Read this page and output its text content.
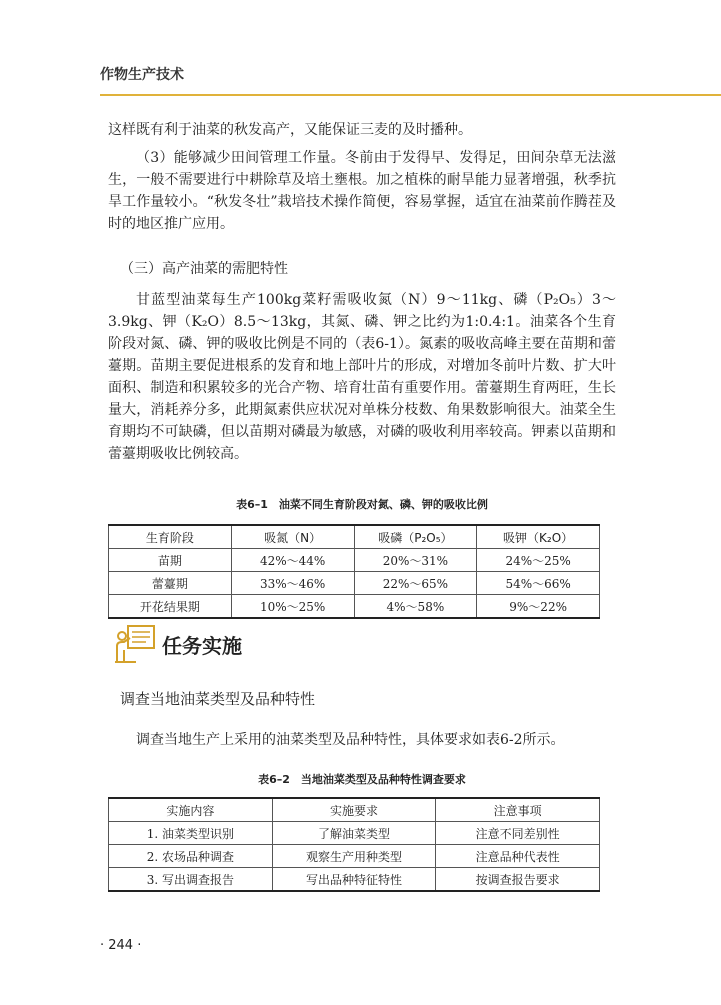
作物生产技术

这样既有利于油菜的秋发高产，又能保证三麦的及时播种。

（3）能够减少田间管理工作量。冬前由于发得早、发得足，田间杂草无法滋生，一般不需要进行中耕除草及培土壅根。加之植株的耐旱能力显著增强，秋季抗旱工作量较小。“秋发冬壮”栽培技术操作简便，容易掌握，适宜在油菜前作腾茬及时的地区推广应用。

（三）高产油菜的需肥特性

甘蓝型油菜每生产100kg菜籽需吸收氮（N）9～11kg、磷（P₂O₅）3～3.9kg、钾（K₂O）8.5～13kg，其氮、磷、钾之比约为1:0.4:1。油菜各个生育阶段对氮、磷、钾的吸收比例是不同的（表6-1）。氮素的吸收高峰主要在苗期和蕾薹期。苗期主要促进根系的发育和地上部叶片的形成，对增加冬前叶片数、扩大叶面积、制造和积累较多的光合产物、培育壮苗有重要作用。蕾薹期生育两旺，生长量大，消耗养分多，此期氮素供应状况对单株分枝数、角果数影响很大。油菜全生育期均不可缺磷，但以苗期对磷最为敏感，对磷的吸收利用率较高。钾素以苗期和蕾薹期吸收比例较高。

表6–1　油菜不同生育阶段对氮、磷、钾的吸收比例

生育阶段	吸氮（N）	吸磷（P₂O₅）	吸钾（K₂O）
苗期	42%～44%	20%～31%	24%～25%
蕾薹期	33%～46%	22%～65%	54%～66%
开花结果期	10%～25%	4%～58%	9%～22%
任务实施

调查当地油菜类型及品种特性

调查当地生产上采用的油菜类型及品种特性，具体要求如表6-2所示。

表6–2　当地油菜类型及品种特性调查要求

实施内容	实施要求	注意事项
1. 油菜类型识别	了解油菜类型	注意不同差别性
2. 农场品种调查	观察生产用种类型	注意品种代表性
3. 写出调查报告	写出品种特征特性	按调查报告要求
· 244 ·
